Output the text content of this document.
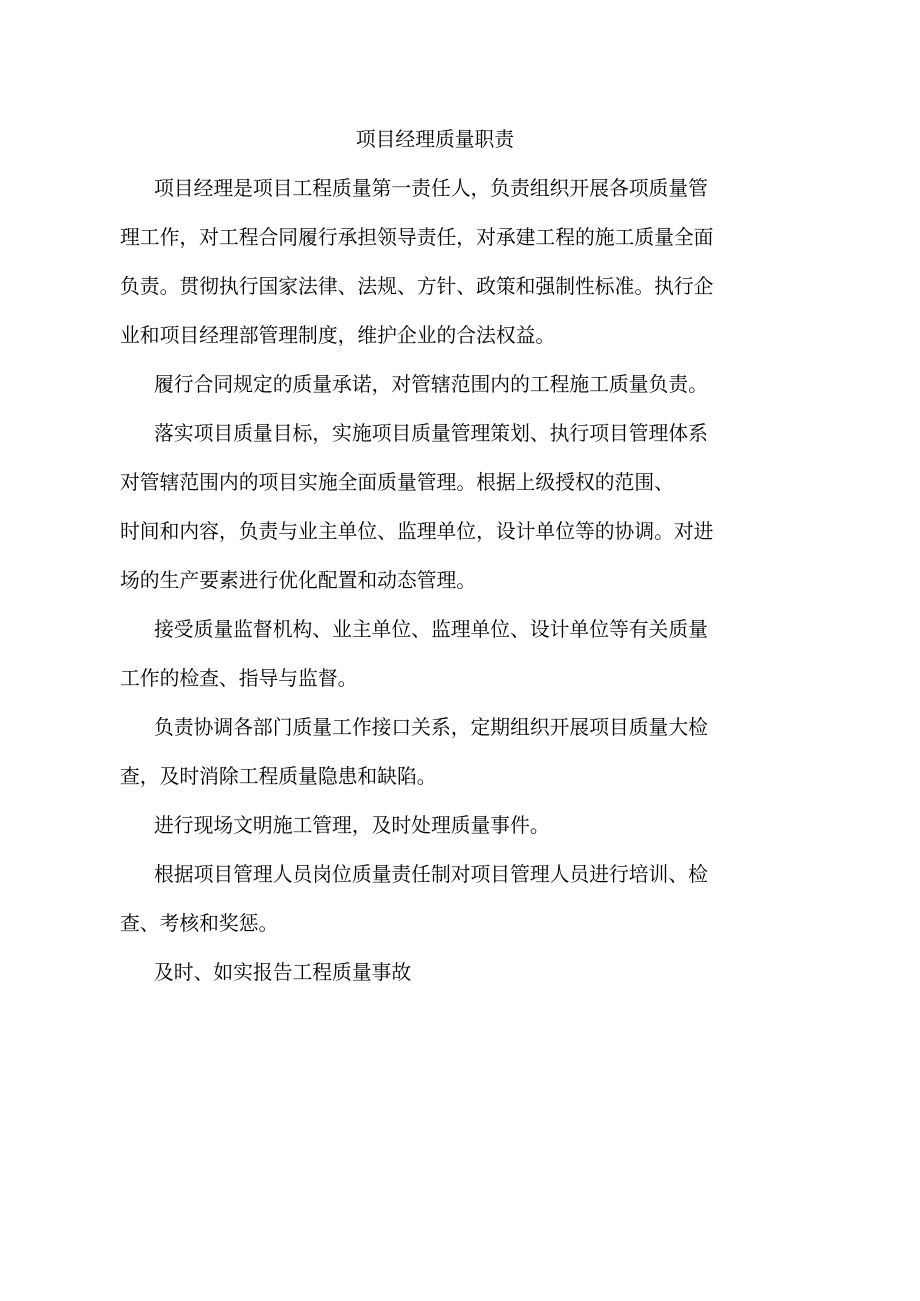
项目经理质量职责
项目经理是项目工程质量第一责任人，负责组织开展各项质量管
理工作，对工程合同履行承担领导责任，对承建工程的施工质量全面
负责。贯彻执行国家法律、法规、方针、政策和强制性标准。执行企
业和项目经理部管理制度，维护企业的合法权益。
履行合同规定的质量承诺，对管辖范围内的工程施工质量负责。
落实项目质量目标，实施项目质量管理策划、执行项目管理体系
对管辖范围内的项目实施全面质量管理。根据上级授权的范围、
时间和内容，负责与业主单位、监理单位，设计单位等的协调。对进
场的生产要素进行优化配置和动态管理。
接受质量监督机构、业主单位、监理单位、设计单位等有关质量
工作的检查、指导与监督。
负责协调各部门质量工作接口关系，定期组织开展项目质量大检
查，及时消除工程质量隐患和缺陷。
进行现场文明施工管理，及时处理质量事件。
根据项目管理人员岗位质量责任制对项目管理人员进行培训、检
查、考核和奖惩。
及时、如实报告工程质量事故
